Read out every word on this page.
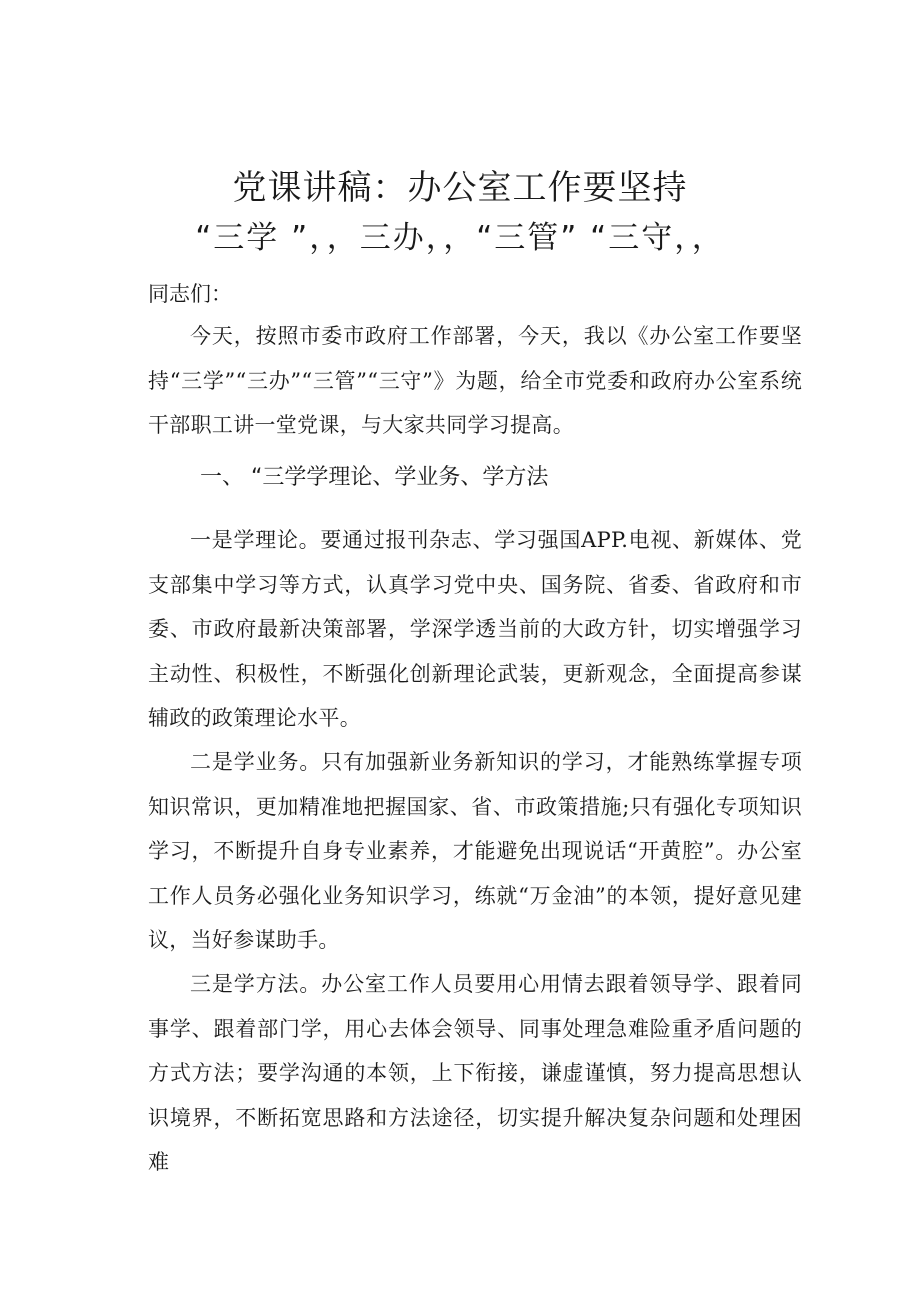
党课讲稿：办公室工作要坚持
“三学 ”，，三办，，“三管” “三守，，

同志们：

今天，按照市委市政府工作部署，今天，我以《办公室工作要坚持“三学”“三办”“三管”“三守”》为题，给全市党委和政府办公室系统干部职工讲一堂党课，与大家共同学习提高。

一、 “三学学理论、学业务、学方法

一是学理论。要通过报刊杂志、学习强国APP.电视、新媒体、党支部集中学习等方式，认真学习党中央、国务院、省委、省政府和市委、市政府最新决策部署，学深学透当前的大政方针，切实增强学习主动性、积极性，不断强化创新理论武装，更新观念，全面提高参谋辅政的政策理论水平。

二是学业务。只有加强新业务新知识的学习，才能熟练掌握专项知识常识，更加精准地把握国家、省、市政策措施;只有强化专项知识学习，不断提升自身专业素养，才能避免出现说话“开黄腔”。办公室工作人员务必强化业务知识学习，练就“万金油”的本领，提好意见建议，当好参谋助手。

三是学方法。办公室工作人员要用心用情去跟着领导学、跟着同事学、跟着部门学，用心去体会领导、同事处理急难险重矛盾问题的方式方法；要学沟通的本领，上下衔接，谦虚谨慎，努力提高思想认识境界，不断拓宽思路和方法途径，切实提升解决复杂问题和处理困难
